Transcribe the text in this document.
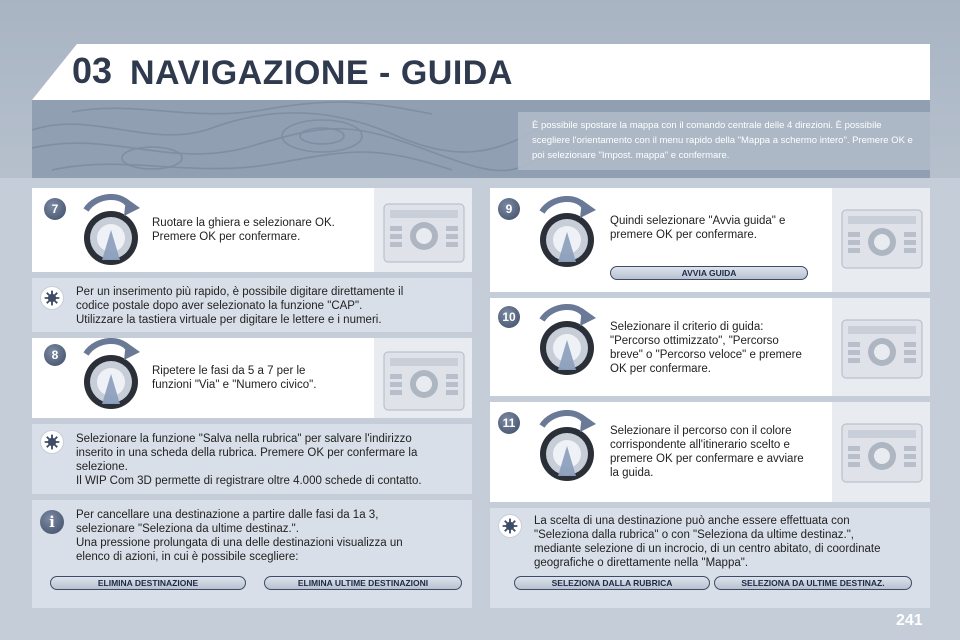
03 NAVIGAZIONE - GUIDA
È possibile spostare la mappa con il comando centrale delle 4 direzioni. È possibile scegliere l'orientamento con il menu rapido della "Mappa a schermo intero". Premere OK e poi selezionare "Impost. mappa" e confermare.
7
Ruotare la ghiera e selezionare OK.
Premere OK per confermare.
Per un inserimento più rapido, è possibile digitare direttamente il
codice postale dopo aver selezionato la funzione "CAP".
Utilizzare la tastiera virtuale per digitare le lettere e i numeri.
8
Ripetere le fasi da 5 a 7 per le
funzioni "Via" e "Numero civico".
Selezionare la funzione "Salva nella rubrica" per salvare l'indirizzo
inserito in una scheda della rubrica. Premere OK per confermare la
selezione.
Il WIP Com 3D permette di registrare oltre 4.000 schede di contatto.
i	Per cancellare una destinazione a partire dalle fasi da 1a 3,
selezionare "Seleziona da ultime destinaz.".
Una pressione prolungata di una delle destinazioni visualizza un
elenco di azioni, in cui è possibile scegliere:
ELIMINA DESTINAZIONE	ELIMINA ULTIME DESTINAZIONI
9
Quindi selezionare "Avvia guida" e
premere OK per confermare.
AVVIA GUIDA
10
Selezionare il criterio di guida:
"Percorso ottimizzato", "Percorso
breve" o "Percorso veloce" e premere
OK per confermare.
11
Selezionare il percorso con il colore
corrispondente all'itinerario scelto e
premere OK per confermare e avviare
la guida.
La scelta di una destinazione può anche essere effettuata con
"Seleziona dalla rubrica" o con "Seleziona da ultime destinaz.",
mediante selezione di un incrocio, di un centro abitato, di coordinate
geografiche o direttamente nella "Mappa".
SELEZIONA DALLA RUBRICA	SELEZIONA DA ULTIME DESTINAZ.
241
